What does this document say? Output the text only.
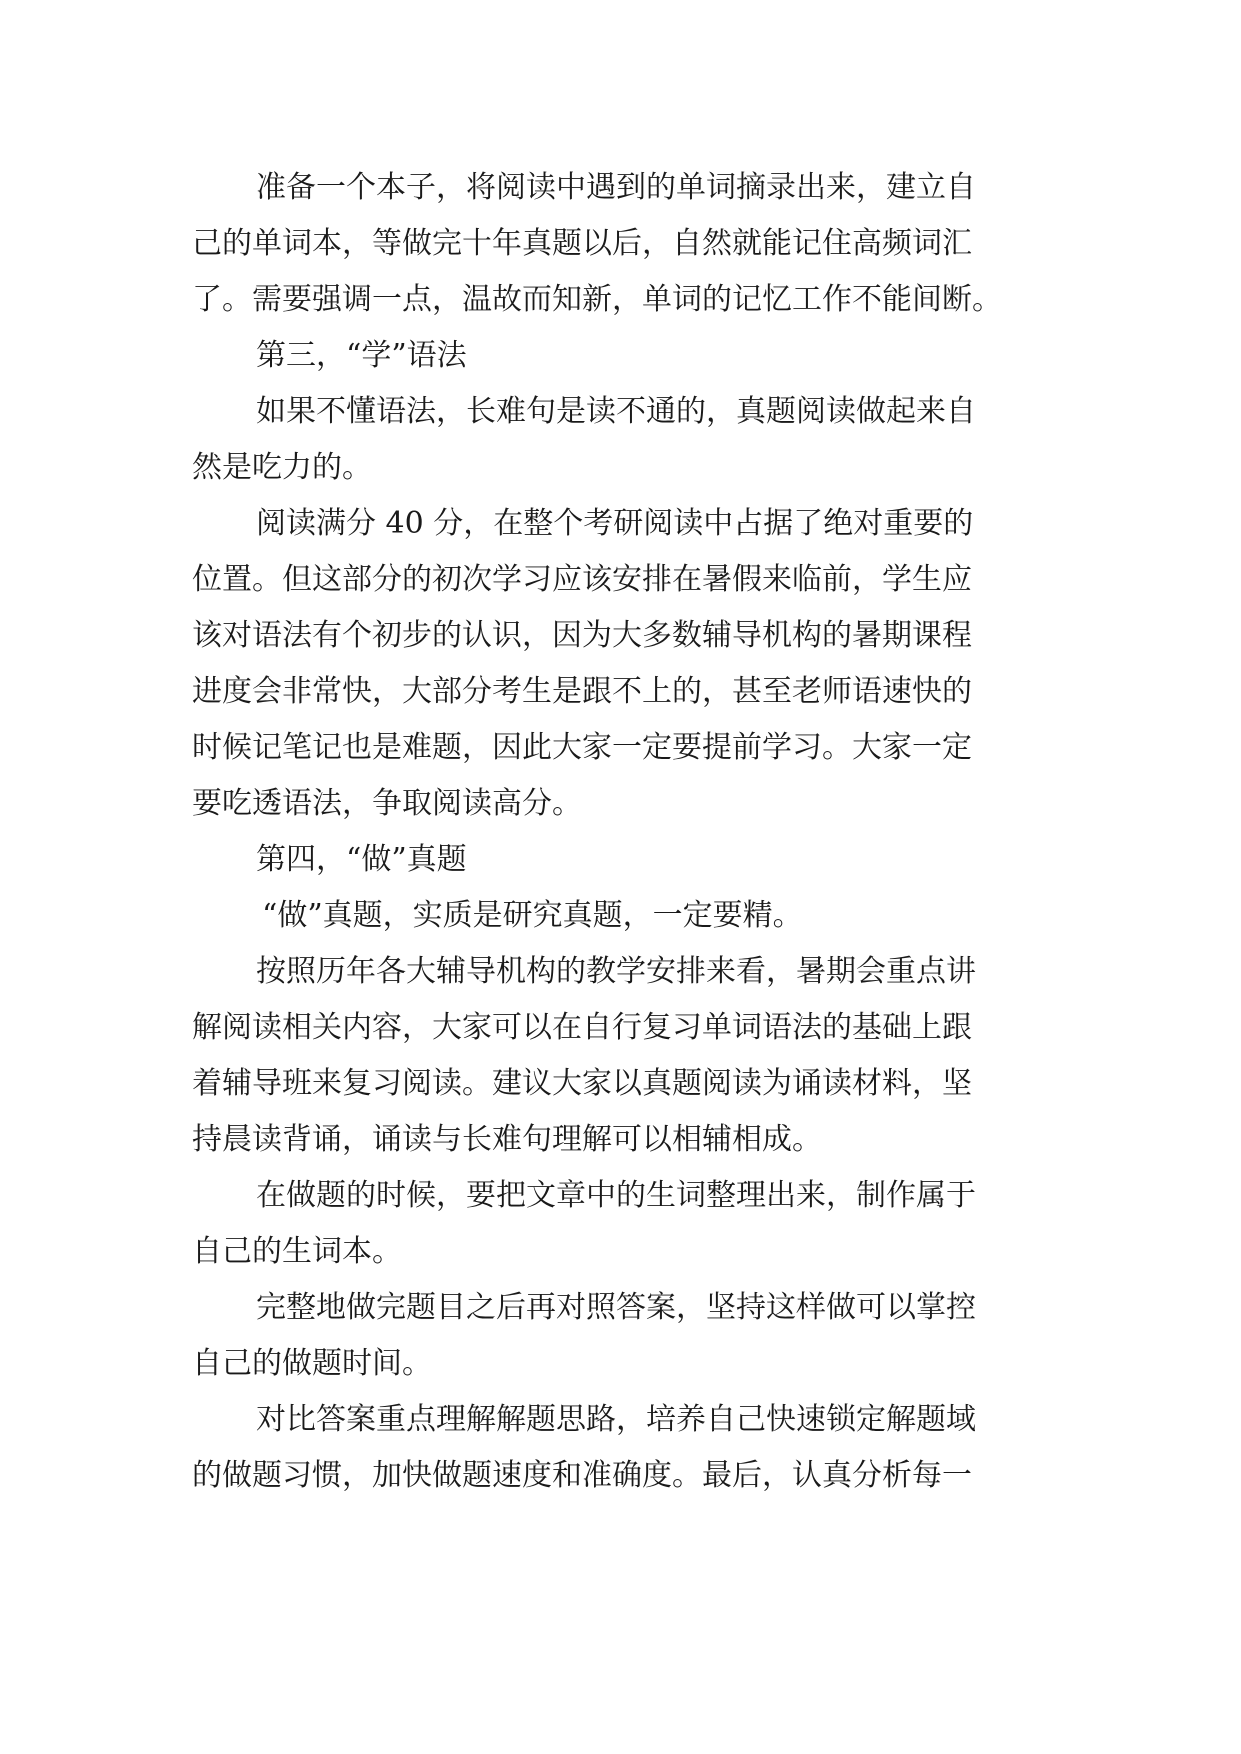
准备一个本子，将阅读中遇到的单词摘录出来，建立自
己的单词本，等做完十年真题以后，自然就能记住高频词汇
了。需要强调一点，温故而知新，单词的记忆工作不能间断。
第三，“学”语法
如果不懂语法，长难句是读不通的，真题阅读做起来自
然是吃力的。
阅读满分 40 分，在整个考研阅读中占据了绝对重要的
位置。但这部分的初次学习应该安排在暑假来临前，学生应
该对语法有个初步的认识，因为大多数辅导机构的暑期课程
进度会非常快，大部分考生是跟不上的，甚至老师语速快的
时候记笔记也是难题，因此大家一定要提前学习。大家一定
要吃透语法，争取阅读高分。
第四，“做”真题
“做”真题，实质是研究真题，一定要精。
按照历年各大辅导机构的教学安排来看，暑期会重点讲
解阅读相关内容，大家可以在自行复习单词语法的基础上跟
着辅导班来复习阅读。建议大家以真题阅读为诵读材料，坚
持晨读背诵，诵读与长难句理解可以相辅相成。
在做题的时候，要把文章中的生词整理出来，制作属于
自己的生词本。
完整地做完题目之后再对照答案，坚持这样做可以掌控
自己的做题时间。
对比答案重点理解解题思路，培养自己快速锁定解题域
的做题习惯，加快做题速度和准确度。最后，认真分析每一
